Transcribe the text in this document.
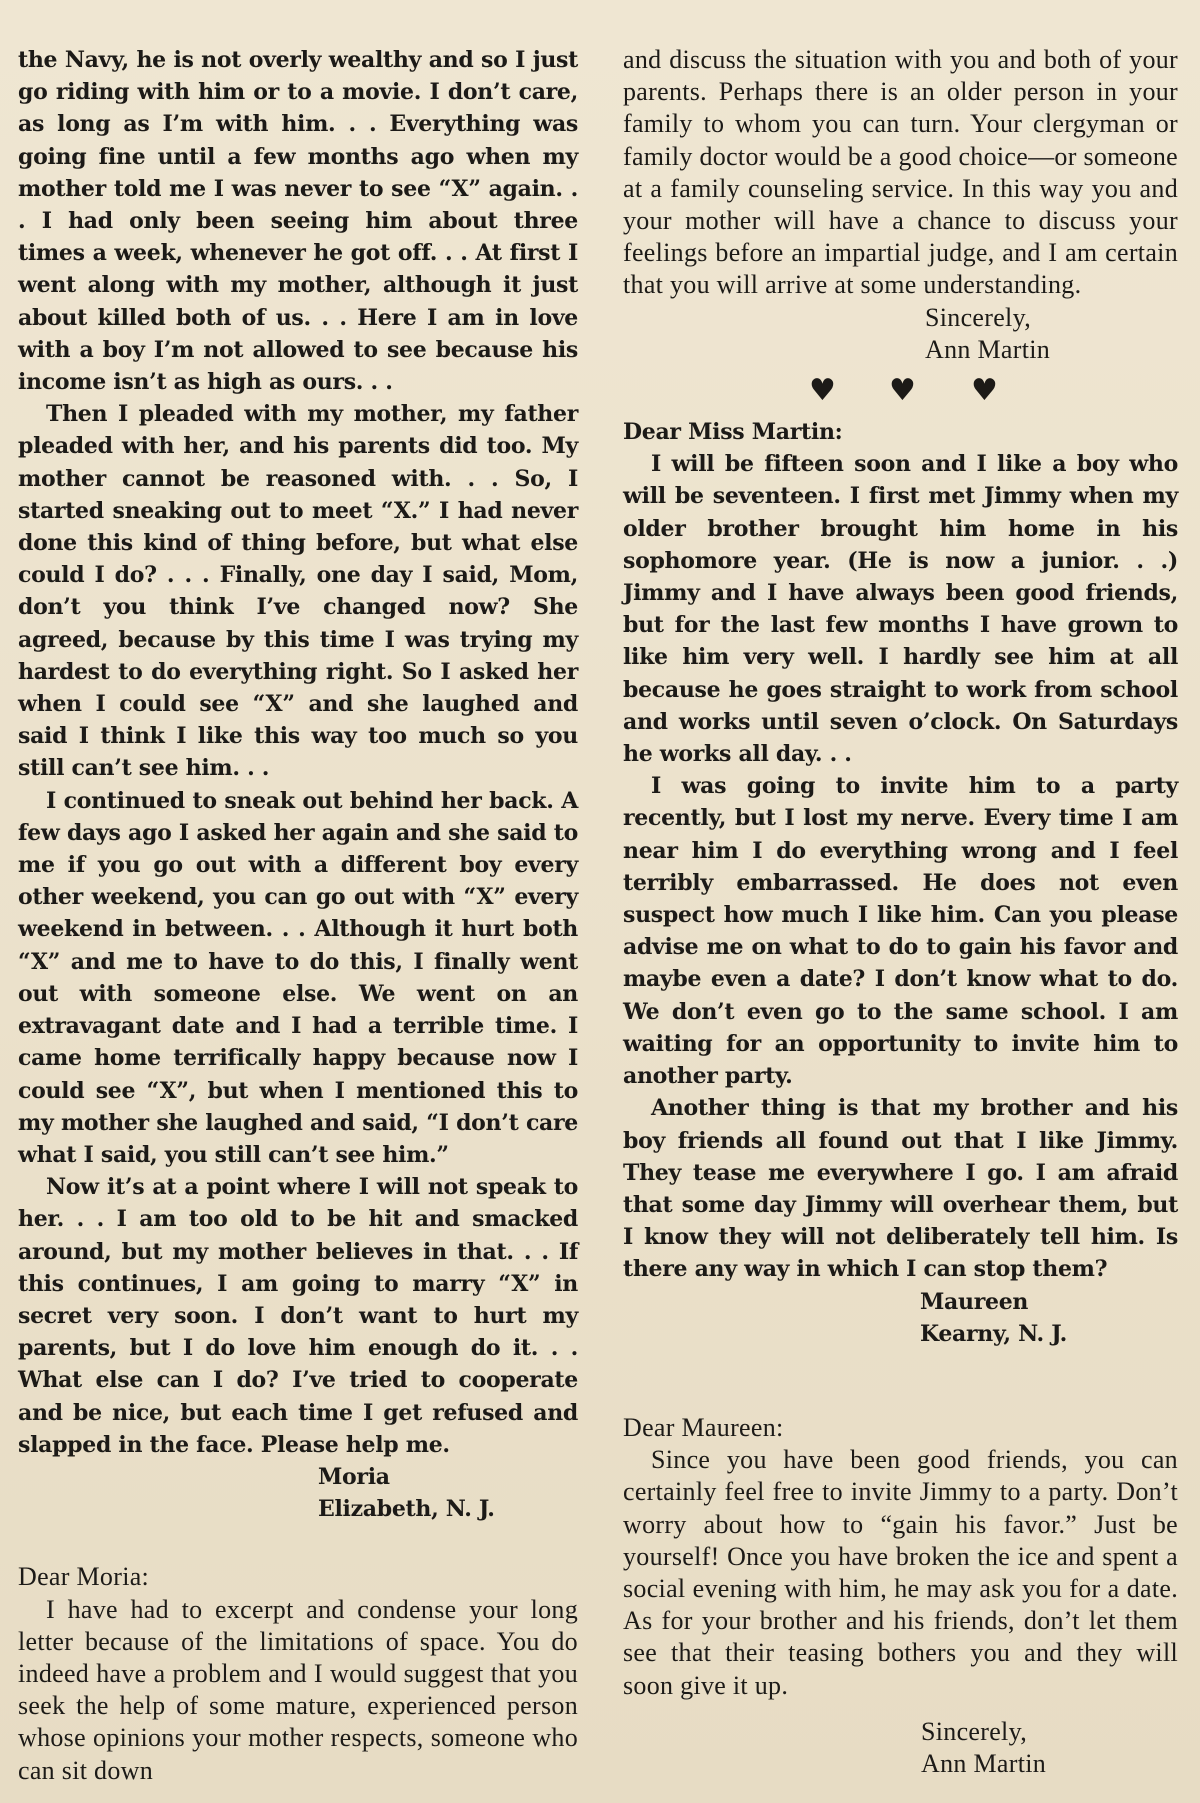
the Navy, he is not overly wealthy and so I just go riding with him or to a movie. I don’t care, as long as I’m with him. . . Everything was going fine until a few months ago when my mother told me I was never to see “X” again. . . I had only been seeing him about three times a week, whenever he got off. . . At first I went along with my mother, although it just about killed both of us. . . Here I am in love with a boy I’m not allowed to see because his income isn’t as high as ours. . .

Then I pleaded with my mother, my father pleaded with her, and his parents did too. My mother cannot be reasoned with. . . So, I started sneaking out to meet “X.” I had never done this kind of thing before, but what else could I do? . . . Finally, one day I said, Mom, don’t you think I’ve changed now? She agreed, because by this time I was trying my hardest to do everything right. So I asked her when I could see “X” and she laughed and said I think I like this way too much so you still can’t see him. . .

I continued to sneak out behind her back. A few days ago I asked her again and she said to me if you go out with a different boy every other weekend, you can go out with “X” every weekend in between. . . Although it hurt both “X” and me to have to do this, I finally went out with someone else. We went on an extravagant date and I had a terrible time. I came home terrifically happy because now I could see “X”, but when I mentioned this to my mother she laughed and said, “I don’t care what I said, you still can’t see him.”

Now it’s at a point where I will not speak to her. . . I am too old to be hit and smacked around, but my mother believes in that. . . If this continues, I am going to marry “X” in secret very soon. I don’t want to hurt my parents, but I do love him enough do it. . . What else can I do? I’ve tried to cooperate and be nice, but each time I get refused and slapped in the face. Please help me.

Moria

Elizabeth, N. J.

Dear Moria:

I have had to excerpt and condense your long letter because of the limitations of space. You do indeed have a problem and I would suggest that you seek the help of some mature, experienced person whose opinions your mother respects, someone who can sit down

and discuss the situation with you and both of your parents. Perhaps there is an older person in your family to whom you can turn. Your clergyman or family doctor would be a good choice—or someone at a family counseling service. In this way you and your mother will have a chance to discuss your feelings before an impartial judge, and I am certain that you will arrive at some understanding.

Sincerely,

Ann Martin

♥ ♥ ♥

Dear Miss Martin:

I will be fifteen soon and I like a boy who will be seventeen. I first met Jimmy when my older brother brought him home in his sophomore year. (He is now a junior. . .) Jimmy and I have always been good friends, but for the last few months I have grown to like him very well. I hardly see him at all because he goes straight to work from school and works until seven o’clock. On Saturdays he works all day. . .

I was going to invite him to a party recently, but I lost my nerve. Every time I am near him I do everything wrong and I feel terribly embarrassed. He does not even suspect how much I like him. Can you please advise me on what to do to gain his favor and maybe even a date? I don’t know what to do. We don’t even go to the same school. I am waiting for an opportunity to invite him to another party.

Another thing is that my brother and his boy friends all found out that I like Jimmy. They tease me everywhere I go. I am afraid that some day Jimmy will overhear them, but I know they will not deliberately tell him. Is there any way in which I can stop them?

Maureen

Kearny, N. J.

Dear Maureen:

Since you have been good friends, you can certainly feel free to invite Jimmy to a party. Don’t worry about how to “gain his favor.” Just be yourself! Once you have broken the ice and spent a social evening with him, he may ask you for a date. As for your brother and his friends, don’t let them see that their teasing bothers you and they will soon give it up.

Sincerely,

Ann Martin
